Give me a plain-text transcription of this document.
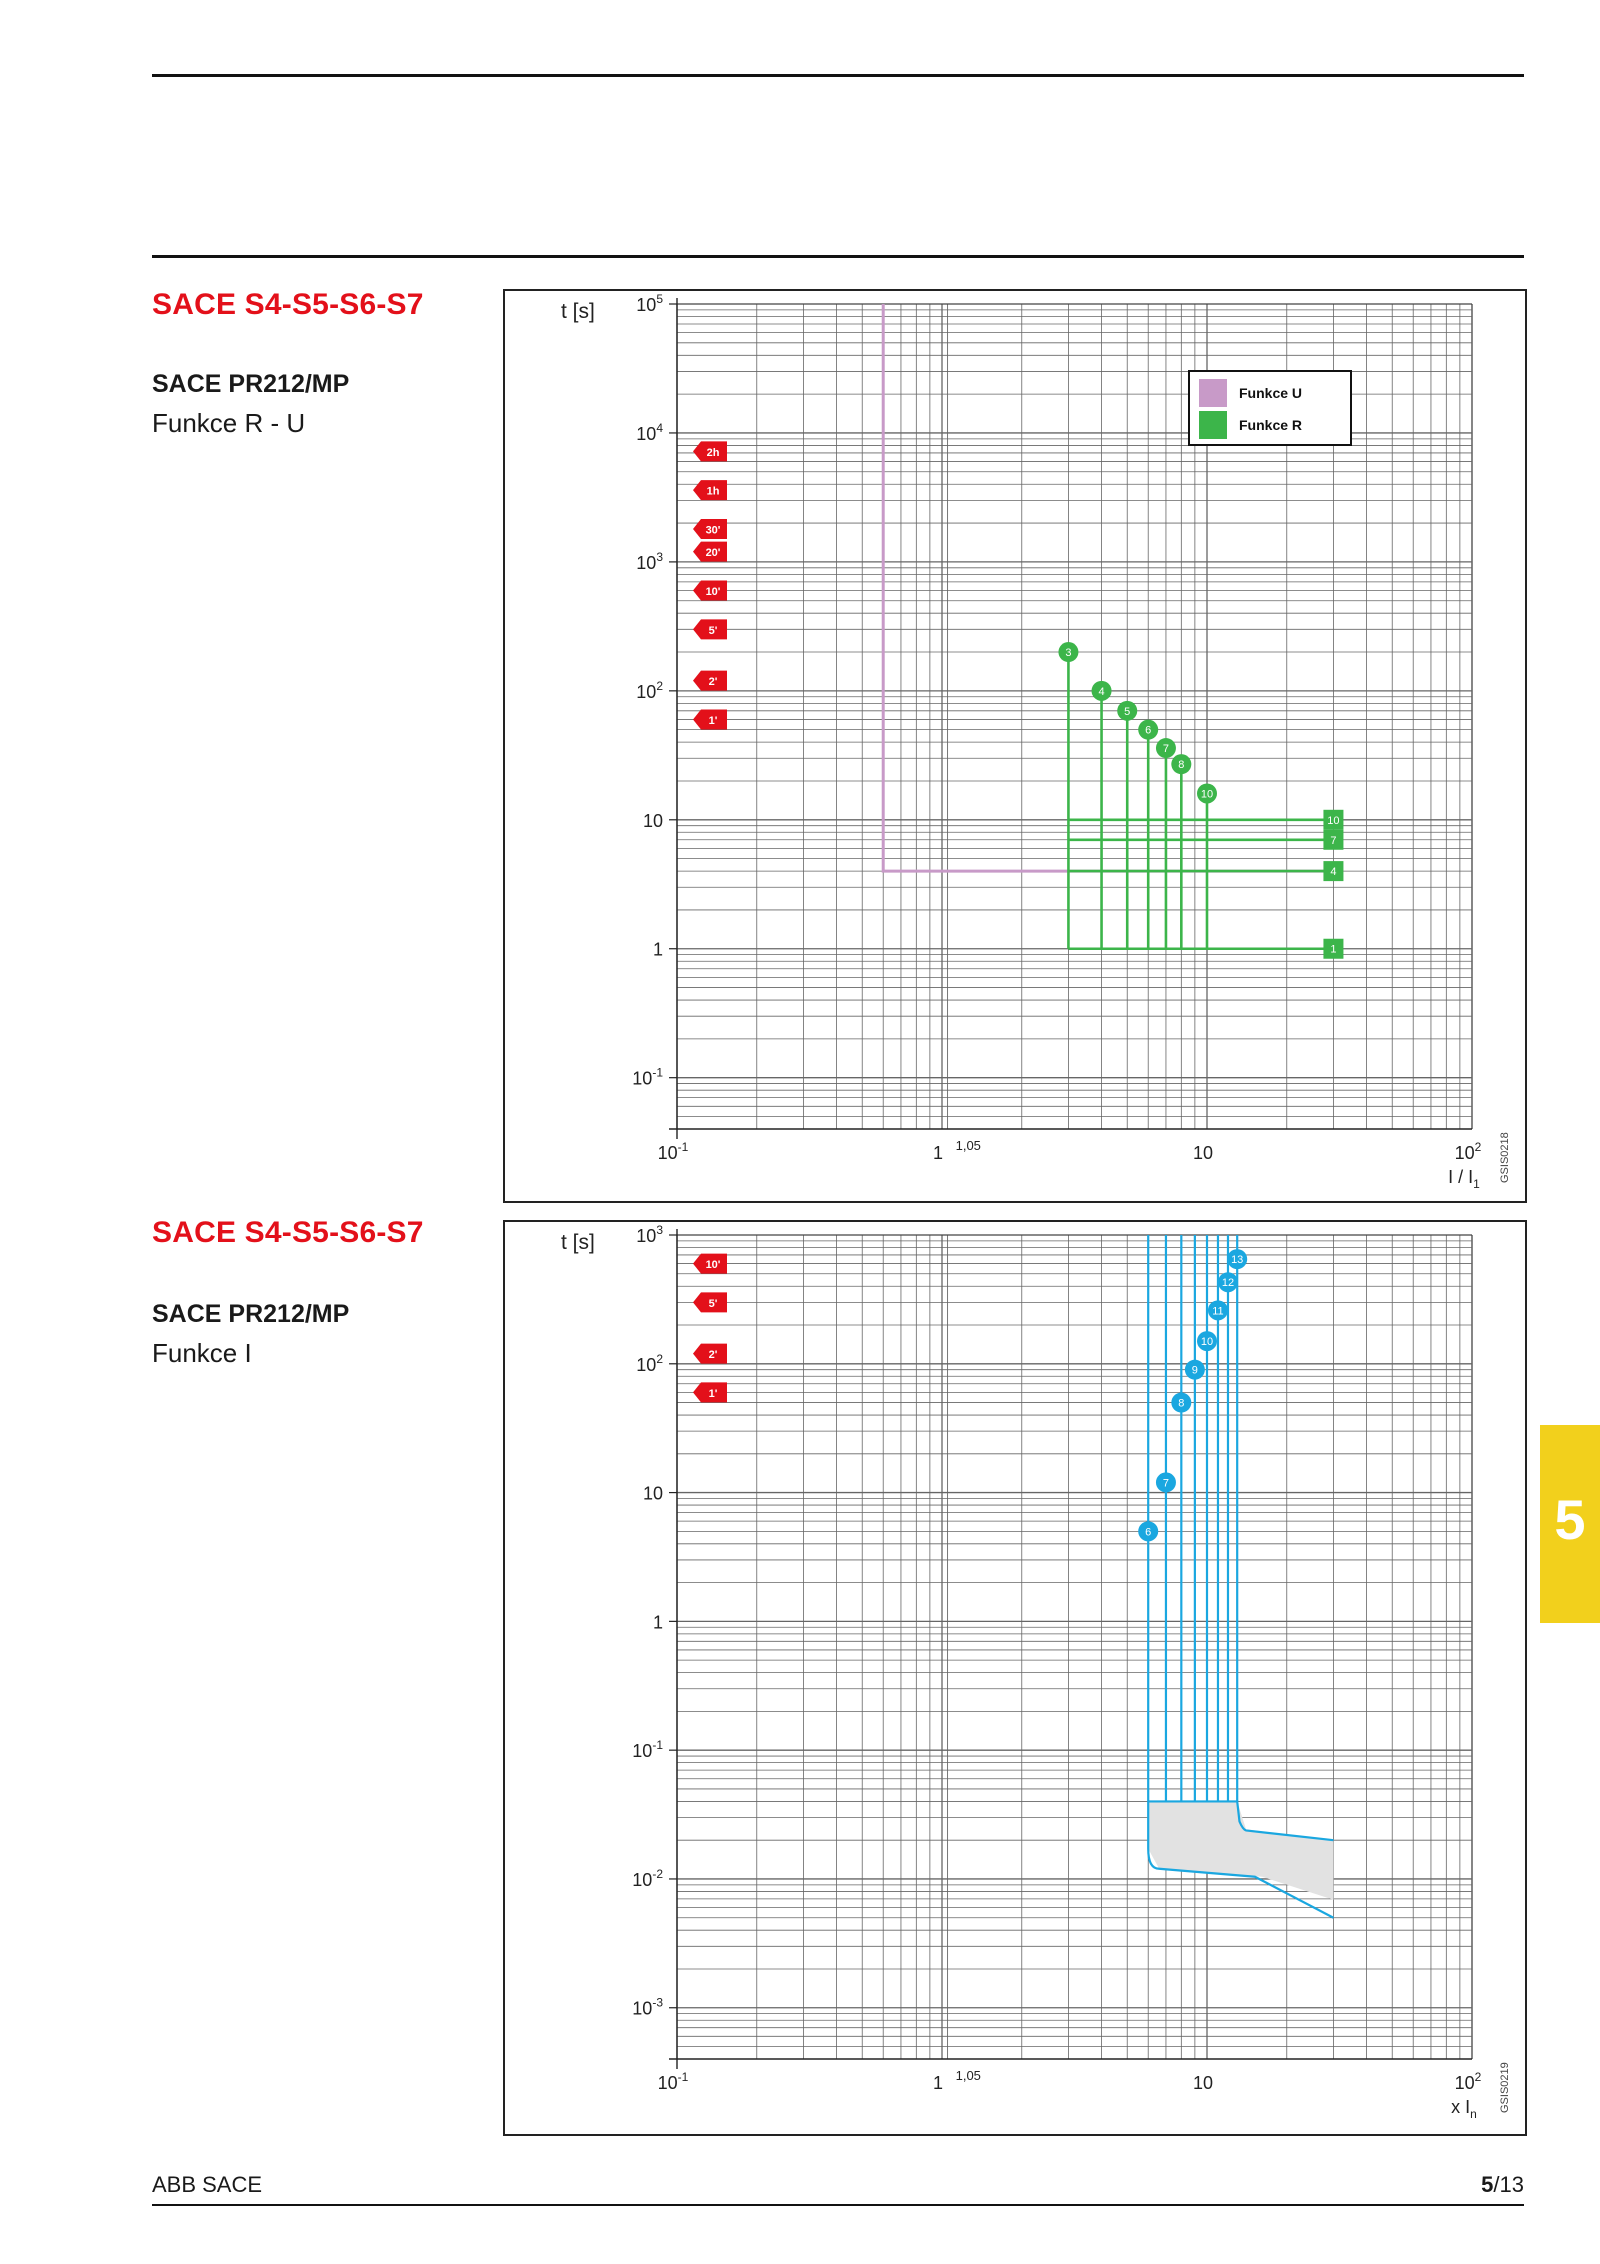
SACE S4-S5-S6-S7
SACE PR212/MP
Funkce R - U
t [s] $10^5$
$10^4$
$10^3$
$10^2$
10
1
$10^{-1}$
$10^{-1}$	1	10	$10^2$
1,05
I / $I_1$
GSIS0218
2h
1h
30'
20'
10'
5'
2'
1'
10
7
4
1
3
4
5
6
7
8
10
Funkce U
Funkce R
SACE S4-S5-S6-S7
SACE PR212/MP
Funkce I
t [s] $10^3$
$10^2$
10
1
$10^{-1}$
$10^{-2}$
$10^{-3}$
$10^{-1}$	1	10	$10^2$
1,05
x $I_n$
GSIS0219
10'
5'
2'
1'
6
7
8
9
10
11
12
13
5
ABB SACE	5/13
